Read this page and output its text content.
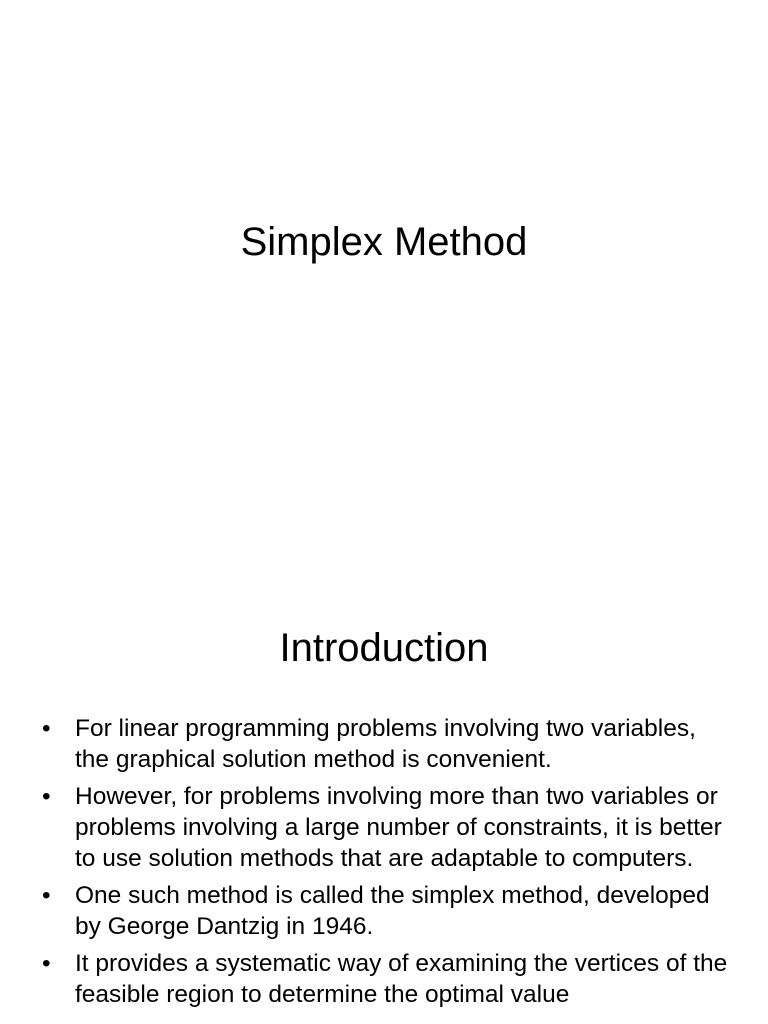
Simplex Method
Introduction
• For linear programming problems involving two variables, the graphical solution method is convenient.
• However, for problems involving more than two variables or problems involving a large number of constraints, it is better to use solution methods that are adaptable to computers.
• One such method is called the simplex method, developed by George Dantzig in 1946.
• It provides a systematic way of examining the vertices of the feasible region to determine the optimal value
